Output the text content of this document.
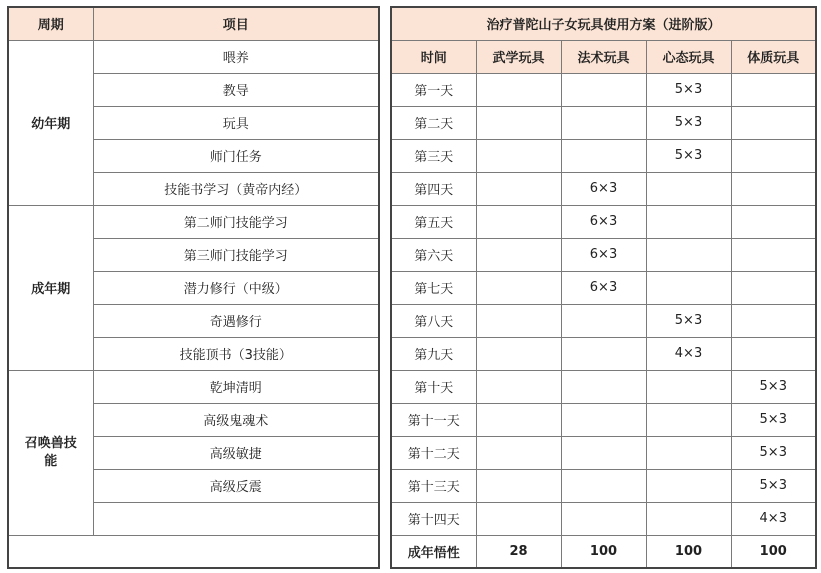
周期	项目
幼年期	喂养
	教导
	玩具
	师门任务
	技能书学习（黄帝内经）
成年期	第二师门技能学习
	第三师门技能学习
	潜力修行（中级）
	奇遇修行
	技能顶书（3技能）
召唤兽技能	乾坤清明
	高级鬼魂术
	高级敏捷
	高级反震

治疗普陀山子女玩具使用方案（进阶版）				
时间	武学玩具	法术玩具	心态玩具	体质玩具
第一天			5×3	
第二天			5×3	
第三天			5×3	
第四天		6×3		
第五天		6×3		
第六天		6×3		
第七天		6×3		
第八天			5×3	
第九天			4×3	
第十天				5×3
第十一天				5×3
第十二天				5×3
第十三天				5×3
第十四天				4×3
成年悟性	28	100	100	100
